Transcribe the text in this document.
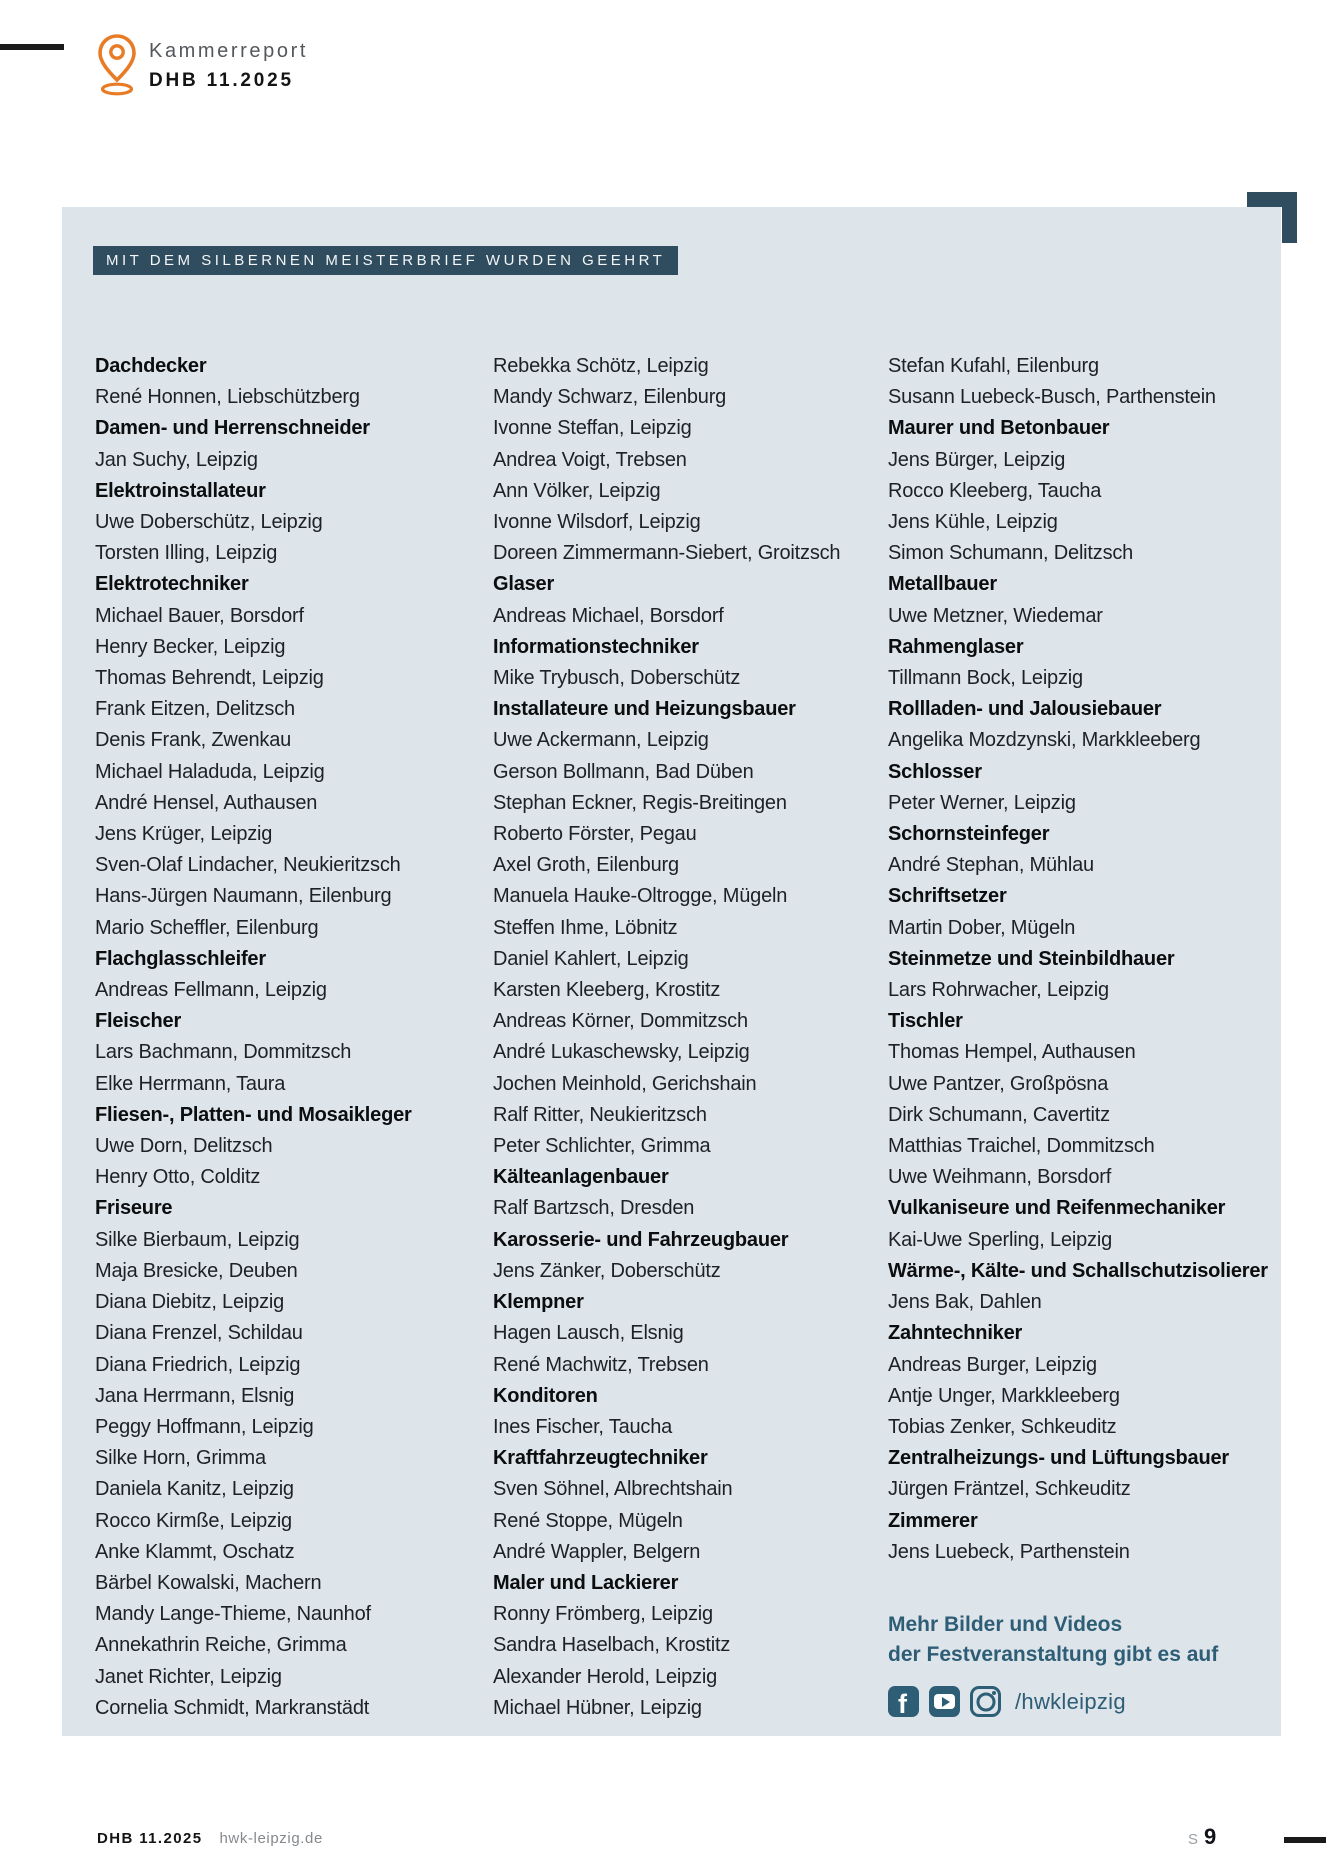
Kammerreport
DHB 11.2025
MIT DEM SILBERNEN MEISTERBRIEF WURDEN GEEHRT
Dachdecker
René Honnen, Liebschützberg
Damen- und Herrenschneider
Jan Suchy, Leipzig
Elektroinstallateur
Uwe Doberschütz, Leipzig
Torsten Illing, Leipzig
Elektrotechniker
Michael Bauer, Borsdorf
Henry Becker, Leipzig
Thomas Behrendt, Leipzig
Frank Eitzen, Delitzsch
Denis Frank, Zwenkau
Michael Haladuda, Leipzig
André Hensel, Authausen
Jens Krüger, Leipzig
Sven-Olaf Lindacher, Neukieritzsch
Hans-Jürgen Naumann, Eilenburg
Mario Scheffler, Eilenburg
Flachglasschleifer
Andreas Fellmann, Leipzig
Fleischer
Lars Bachmann, Dommitzsch
Elke Herrmann, Taura
Fliesen-, Platten- und Mosaikleger
Uwe Dorn, Delitzsch
Henry Otto, Colditz
Friseure
Silke Bierbaum, Leipzig
Maja Bresicke, Deuben
Diana Diebitz, Leipzig
Diana Frenzel, Schildau
Diana Friedrich, Leipzig
Jana Herrmann, Elsnig
Peggy Hoffmann, Leipzig
Silke Horn, Grimma
Daniela Kanitz, Leipzig
Rocco Kirmße, Leipzig
Anke Klammt, Oschatz
Bärbel Kowalski, Machern
Mandy Lange-Thieme, Naunhof
Annekathrin Reiche, Grimma
Janet Richter, Leipzig
Cornelia Schmidt, Markranstädt
Rebekka Schötz, Leipzig
Mandy Schwarz, Eilenburg
Ivonne Steffan, Leipzig
Andrea Voigt, Trebsen
Ann Völker, Leipzig
Ivonne Wilsdorf, Leipzig
Doreen Zimmermann-Siebert, Groitzsch
Glaser
Andreas Michael, Borsdorf
Informationstechniker
Mike Trybusch, Doberschütz
Installateure und Heizungsbauer
Uwe Ackermann, Leipzig
Gerson Bollmann, Bad Düben
Stephan Eckner, Regis-Breitingen
Roberto Förster, Pegau
Axel Groth, Eilenburg
Manuela Hauke-Oltrogge, Mügeln
Steffen Ihme, Löbnitz
Daniel Kahlert, Leipzig
Karsten Kleeberg, Krostitz
Andreas Körner, Dommitzsch
André Lukaschewsky, Leipzig
Jochen Meinhold, Gerichshain
Ralf Ritter, Neukieritzsch
Peter Schlichter, Grimma
Kälteanlagenbauer
Ralf Bartzsch, Dresden
Karosserie- und Fahrzeugbauer
Jens Zänker, Doberschütz
Klempner
Hagen Lausch, Elsnig
René Machwitz, Trebsen
Konditoren
Ines Fischer, Taucha
Kraftfahrzeugtechniker
Sven Söhnel, Albrechtshain
René Stoppe, Mügeln
André Wappler, Belgern
Maler und Lackierer
Ronny Frömberg, Leipzig
Sandra Haselbach, Krostitz
Alexander Herold, Leipzig
Michael Hübner, Leipzig
Stefan Kufahl, Eilenburg
Susann Luebeck-Busch, Parthenstein
Maurer und Betonbauer
Jens Bürger, Leipzig
Rocco Kleeberg, Taucha
Jens Kühle, Leipzig
Simon Schumann, Delitzsch
Metallbauer
Uwe Metzner, Wiedemar
Rahmenglaser
Tillmann Bock, Leipzig
Rollladen- und Jalousiebauer
Angelika Mozdzynski, Markkleeberg
Schlosser
Peter Werner, Leipzig
Schornsteinfeger
André Stephan, Mühlau
Schriftsetzer
Martin Dober, Mügeln
Steinmetze und Steinbildhauer
Lars Rohrwacher, Leipzig
Tischler
Thomas Hempel, Authausen
Uwe Pantzer, Großpösna
Dirk Schumann, Cavertitz
Matthias Traichel, Dommitzsch
Uwe Weihmann, Borsdorf
Vulkaniseure und Reifenmechaniker
Kai-Uwe Sperling, Leipzig
Wärme-, Kälte- und Schallschutzisolierer
Jens Bak, Dahlen
Zahntechniker
Andreas Burger, Leipzig
Antje Unger, Markkleeberg
Tobias Zenker, Schkeuditz
Zentralheizungs- und Lüftungsbauer
Jürgen Fräntzel, Schkeuditz
Zimmerer
Jens Luebeck, Parthenstein
Mehr Bilder und Videos
der Festveranstaltung gibt es auf
f	/hwkleipzig
DHB 11.2025 hwk-leipzig.de	S 9
